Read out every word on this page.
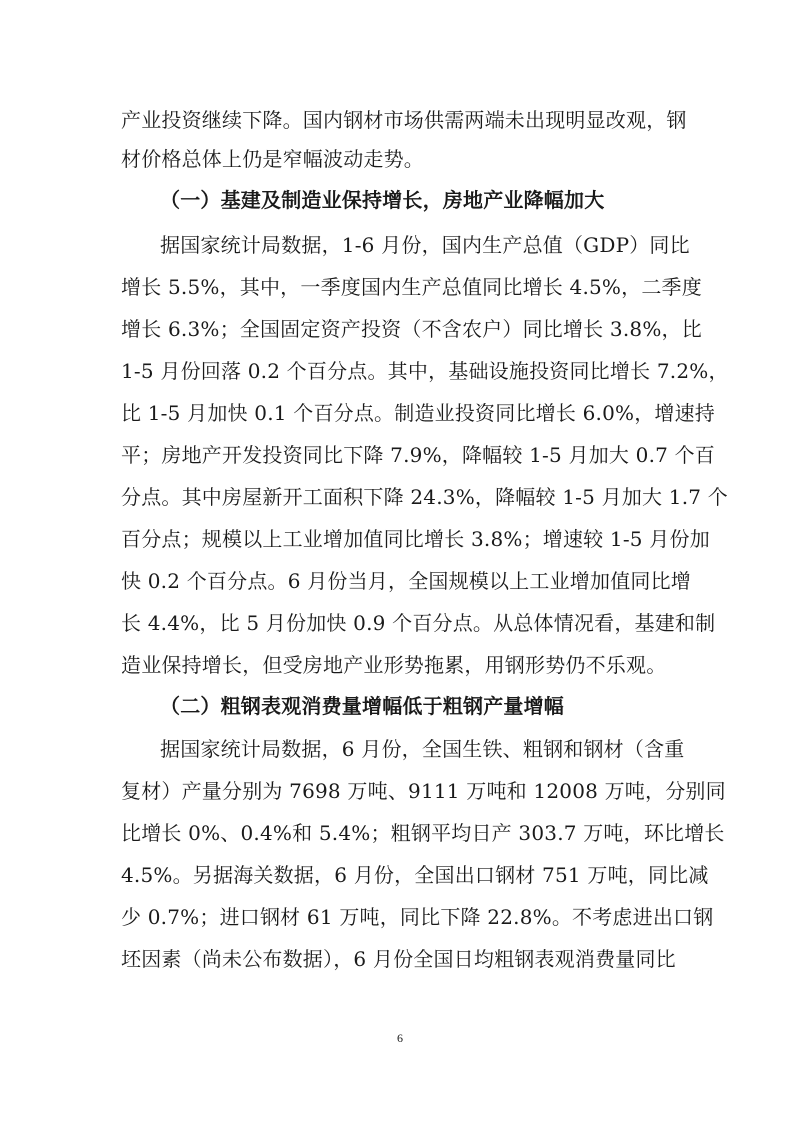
产业投资继续下降。国内钢材市场供需两端未出现明显改观，钢
材价格总体上仍是窄幅波动走势。
（一）基建及制造业保持增长，房地产业降幅加大
据国家统计局数据，1-6 月份，国内生产总值（GDP）同比
增长 5.5%，其中，一季度国内生产总值同比增长 4.5%，二季度
增长 6.3%；全国固定资产投资（不含农户）同比增长 3.8%，比
1-5 月份回落 0.2 个百分点。其中，基础设施投资同比增长 7.2%，
比 1-5 月加快 0.1 个百分点。制造业投资同比增长 6.0%，增速持
平；房地产开发投资同比下降 7.9%，降幅较 1-5 月加大 0.7 个百
分点。其中房屋新开工面积下降 24.3%，降幅较 1-5 月加大 1.7 个
百分点；规模以上工业增加值同比增长 3.8%；增速较 1-5 月份加
快 0.2 个百分点。6 月份当月，全国规模以上工业增加值同比增
长 4.4%，比 5 月份加快 0.9 个百分点。从总体情况看，基建和制
造业保持增长，但受房地产业形势拖累，用钢形势仍不乐观。
（二）粗钢表观消费量增幅低于粗钢产量增幅
据国家统计局数据，6 月份，全国生铁、粗钢和钢材（含重
复材）产量分别为 7698 万吨、9111 万吨和 12008 万吨，分别同
比增长 0%、0.4%和 5.4%；粗钢平均日产 303.7 万吨，环比增长
4.5%。另据海关数据，6 月份，全国出口钢材 751 万吨，同比减
少 0.7%；进口钢材 61 万吨，同比下降 22.8%。不考虑进出口钢
坯因素（尚未公布数据），6 月份全国日均粗钢表观消费量同比
6
